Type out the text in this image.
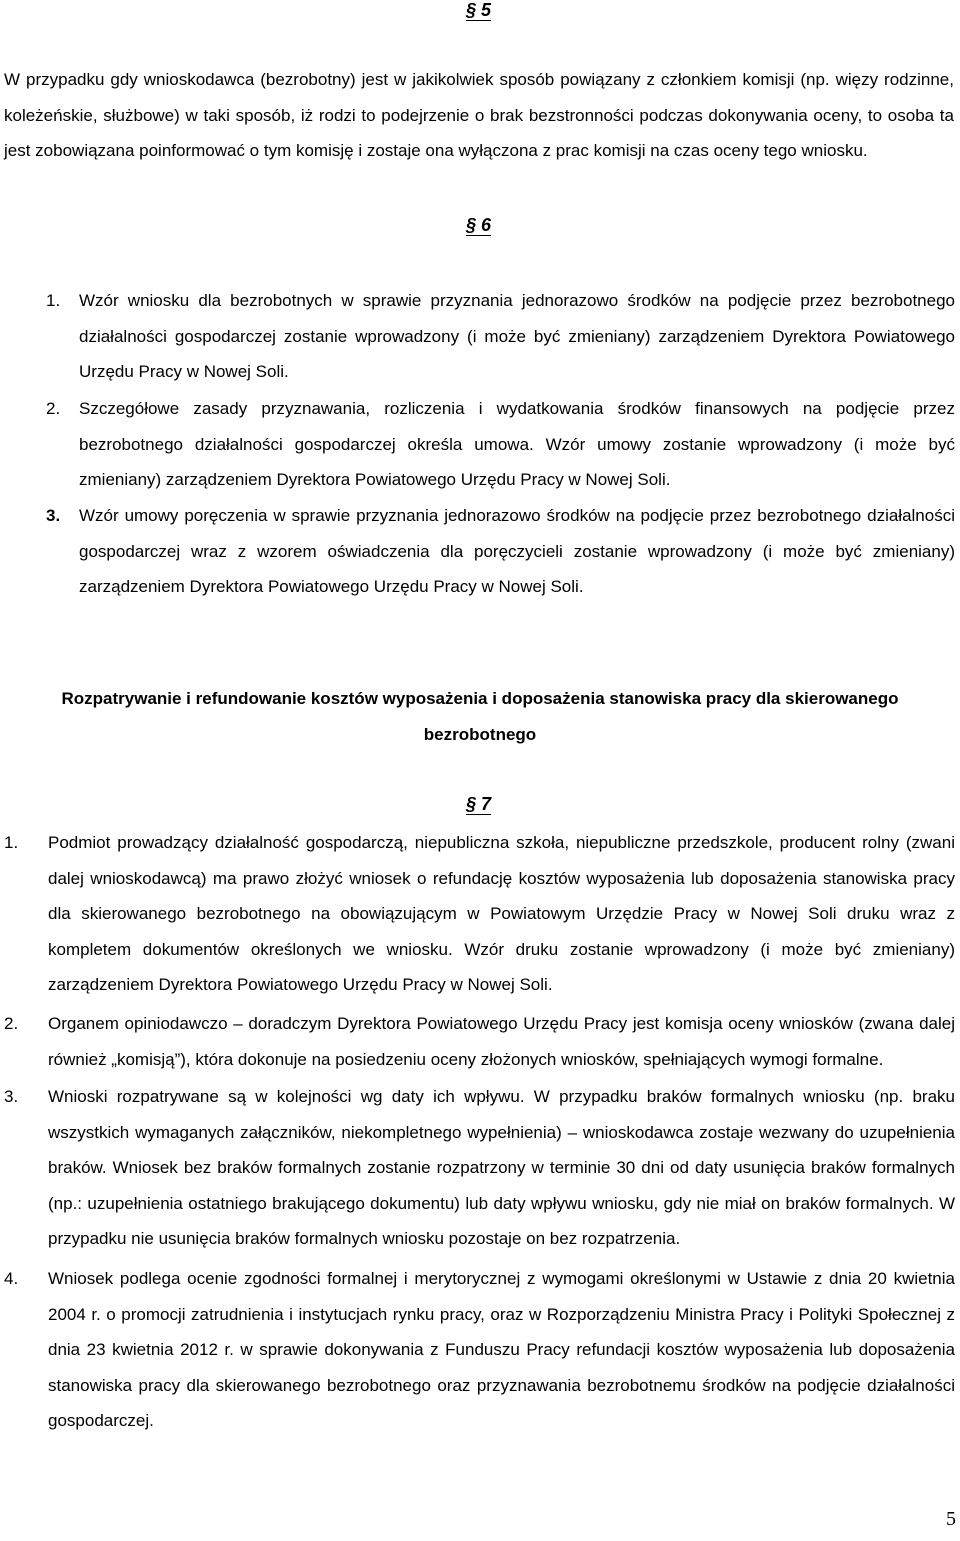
§ 5

W przypadku gdy wnioskodawca (bezrobotny) jest w jakikolwiek sposób powiązany z członkiem komisji (np. więzy rodzinne, koleżeńskie, służbowe) w taki sposób, iż rodzi to podejrzenie o brak bezstronności podczas dokonywania oceny, to osoba ta jest zobowiązana poinformować o tym komisję i zostaje ona wyłączona z prac komisji na czas oceny tego wniosku.

§ 6

1. Wzór wniosku dla bezrobotnych w sprawie przyznania jednorazowo środków na podjęcie przez bezrobotnego działalności gospodarczej zostanie wprowadzony (i może być zmieniany) zarządzeniem Dyrektora Powiatowego Urzędu Pracy w Nowej Soli.

2. Szczegółowe zasady przyznawania, rozliczenia i wydatkowania środków finansowych na podjęcie przez bezrobotnego działalności gospodarczej określa umowa. Wzór umowy zostanie wprowadzony (i może być zmieniany) zarządzeniem Dyrektora Powiatowego Urzędu Pracy w Nowej Soli.

3. Wzór umowy poręczenia w sprawie przyznania jednorazowo środków na podjęcie przez bezrobotnego działalności gospodarczej wraz z wzorem oświadczenia dla poręczycieli zostanie wprowadzony (i może być zmieniany) zarządzeniem Dyrektora Powiatowego Urzędu Pracy w Nowej Soli.

Rozpatrywanie i refundowanie kosztów wyposażenia i doposażenia stanowiska pracy dla skierowanego

bezrobotnego

§ 7

1. Podmiot prowadzący działalność gospodarczą, niepubliczna szkoła, niepubliczne przedszkole, producent rolny (zwani dalej wnioskodawcą) ma prawo złożyć wniosek o refundację kosztów wyposażenia lub doposażenia stanowiska pracy dla skierowanego bezrobotnego na obowiązującym w Powiatowym Urzędzie Pracy w Nowej Soli druku wraz z kompletem dokumentów określonych we wniosku. Wzór druku zostanie wprowadzony (i może być zmieniany) zarządzeniem Dyrektora Powiatowego Urzędu Pracy w Nowej Soli.

2. Organem opiniodawczo – doradczym Dyrektora Powiatowego Urzędu Pracy jest komisja oceny wniosków (zwana dalej również „komisją”), która dokonuje na posiedzeniu oceny złożonych wniosków, spełniających wymogi formalne.

3. Wnioski rozpatrywane są w kolejności wg daty ich wpływu. W przypadku braków formalnych wniosku (np. braku wszystkich wymaganych załączników, niekompletnego wypełnienia) – wnioskodawca zostaje wezwany do uzupełnienia braków. Wniosek bez braków formalnych zostanie rozpatrzony w terminie 30 dni od daty usunięcia braków formalnych (np.: uzupełnienia ostatniego brakującego dokumentu) lub daty wpływu wniosku, gdy nie miał on braków formalnych. W przypadku nie usunięcia braków formalnych wniosku pozostaje on bez rozpatrzenia.

4. Wniosek podlega ocenie zgodności formalnej i merytorycznej z wymogami określonymi w Ustawie z dnia 20 kwietnia 2004 r. o promocji zatrudnienia i instytucjach rynku pracy, oraz w Rozporządzeniu Ministra Pracy i Polityki Społecznej z dnia 23 kwietnia 2012 r. w sprawie dokonywania z Funduszu Pracy refundacji kosztów wyposażenia lub doposażenia stanowiska pracy dla skierowanego bezrobotnego oraz przyznawania bezrobotnemu środków na podjęcie działalności gospodarczej.

5
